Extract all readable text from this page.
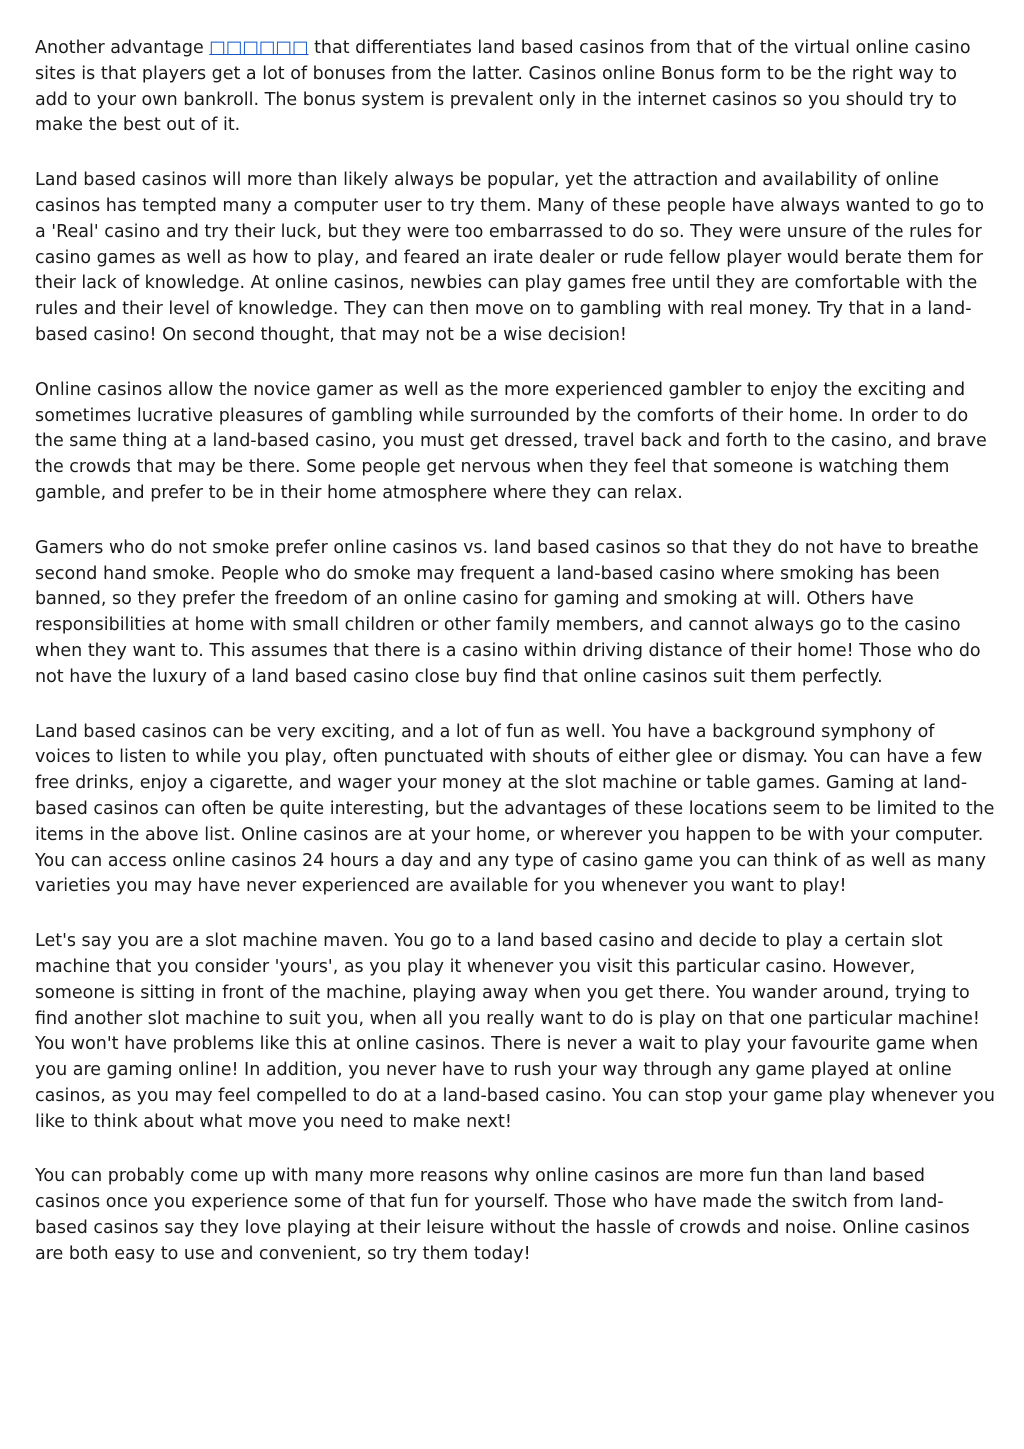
Another advantage □□□□□□ that differentiates land based casinos from that of the virtual online casino sites is that players get a lot of bonuses from the latter. Casinos online Bonus form to be the right way to add to your own bankroll. The bonus system is prevalent only in the internet casinos so you should try to make the best out of it.

Land based casinos will more than likely always be popular, yet the attraction and availability of online casinos has tempted many a computer user to try them. Many of these people have always wanted to go to a 'Real' casino and try their luck, but they were too embarrassed to do so. They were unsure of the rules for casino games as well as how to play, and feared an irate dealer or rude fellow player would berate them for their lack of knowledge. At online casinos, newbies can play games free until they are comfortable with the rules and their level of knowledge. They can then move on to gambling with real money. Try that in a land-based casino! On second thought, that may not be a wise decision!

Online casinos allow the novice gamer as well as the more experienced gambler to enjoy the exciting and sometimes lucrative pleasures of gambling while surrounded by the comforts of their home. In order to do the same thing at a land-based casino, you must get dressed, travel back and forth to the casino, and brave the crowds that may be there. Some people get nervous when they feel that someone is watching them gamble, and prefer to be in their home atmosphere where they can relax.

Gamers who do not smoke prefer online casinos vs. land based casinos so that they do not have to breathe second hand smoke. People who do smoke may frequent a land-based casino where smoking has been banned, so they prefer the freedom of an online casino for gaming and smoking at will. Others have responsibilities at home with small children or other family members, and cannot always go to the casino when they want to. This assumes that there is a casino within driving distance of their home! Those who do not have the luxury of a land based casino close buy find that online casinos suit them perfectly.

Land based casinos can be very exciting, and a lot of fun as well. You have a background symphony of voices to listen to while you play, often punctuated with shouts of either glee or dismay. You can have a few free drinks, enjoy a cigarette, and wager your money at the slot machine or table games. Gaming at land-based casinos can often be quite interesting, but the advantages of these locations seem to be limited to the items in the above list. Online casinos are at your home, or wherever you happen to be with your computer. You can access online casinos 24 hours a day and any type of casino game you can think of as well as many varieties you may have never experienced are available for you whenever you want to play!

Let's say you are a slot machine maven. You go to a land based casino and decide to play a certain slot machine that you consider 'yours', as you play it whenever you visit this particular casino. However, someone is sitting in front of the machine, playing away when you get there. You wander around, trying to find another slot machine to suit you, when all you really want to do is play on that one particular machine! You won't have problems like this at online casinos. There is never a wait to play your favourite game when you are gaming online! In addition, you never have to rush your way through any game played at online casinos, as you may feel compelled to do at a land-based casino. You can stop your game play whenever you like to think about what move you need to make next!

You can probably come up with many more reasons why online casinos are more fun than land based casinos once you experience some of that fun for yourself. Those who have made the switch from land-based casinos say they love playing at their leisure without the hassle of crowds and noise. Online casinos are both easy to use and convenient, so try them today!
